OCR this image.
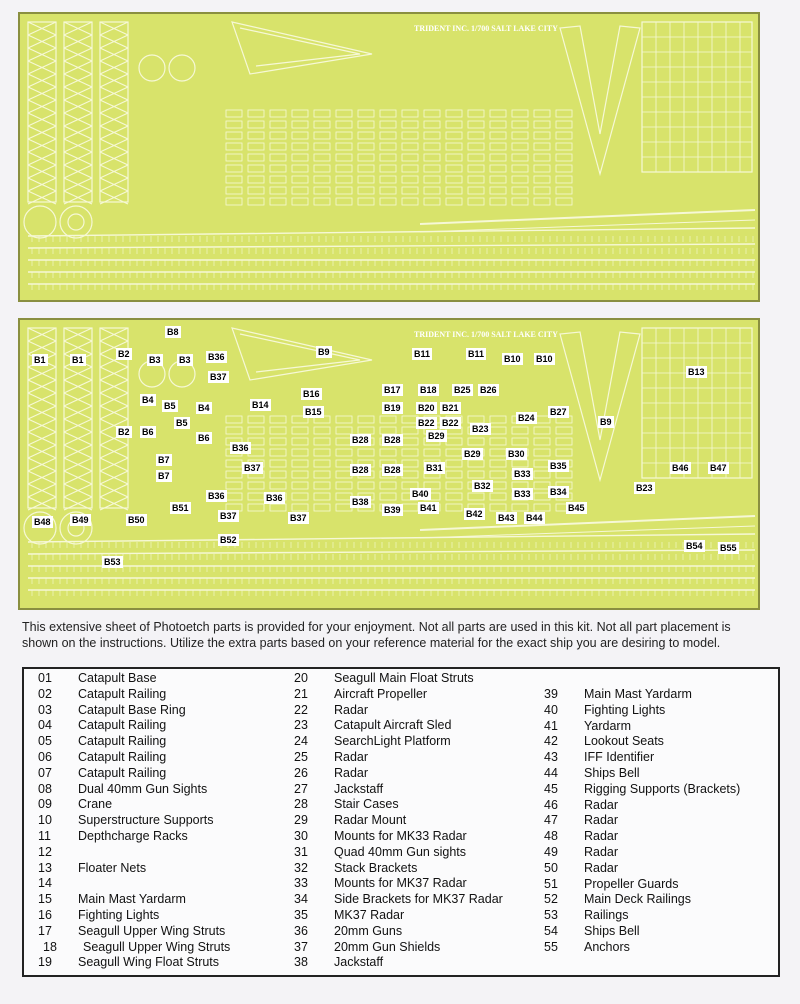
TRIDENT INC. 1/700 SALT LAKE CITY
TRIDENT INC. 1/700 SALT LAKE CITY
B8
B1	B1
B2
B3 B3 B36
B37
B9	B11	B11 B10 B10
B13
B16	B17 B18 B25 B26
B14
B15	B19 B20 B21
B4
B5 B4
B5	B22 B22	B24
B27
B9
B2 B6
B6
B23
B28 B28	B29
B36
B37
B29	B30
B7
B7
B28 B28	B31
B33
B35	B46 B47
B32
B33 B34	B23
B36	B36	B38
B40
B41
B39
B51
B37	B37	B42 B43 B44
B45
B48 B49	B50
B52
B54 B55
B53

This extensive sheet of Photoetch parts is provided for your enjoyment. Not all parts are used in this kit. Not all part placement is shown on the instructions. Utilize the extra parts based on your reference material for the exact ship you are desiring to model.

01	Catapult Base
02	Catapult Railing
03	Catapult Base Ring
04	Catapult Railing
05	Catapult Railing
06	Catapult Railing
07	Catapult Railing
08	Dual 40mm Gun Sights
09	Crane
10	Superstructure Supports
11	Depthcharge Racks
12
13	Floater Nets
14
15	Main Mast Yardarm
16	Fighting Lights
17	Seagull Upper Wing Struts
18	Seagull Upper Wing Struts
19	Seagull Wing Float Struts
20	Seagull Main Float Struts
21	Aircraft Propeller
22	Radar
23	Catapult Aircraft Sled
24	SearchLight Platform
25	Radar
26	Radar
27	Jackstaff
28	Stair Cases
29	Radar Mount
30	Mounts for MK33 Radar
31	Quad 40mm Gun sights
32	Stack Brackets
33	Mounts for MK37 Radar
34	Side Brackets for MK37 Radar
35	MK37 Radar
36	20mm Guns
37	20mm Gun Shields
38	Jackstaff
39	Main Mast Yardarm
40	Fighting Lights
41	Yardarm
42	Lookout Seats
43	IFF Identifier
44	Ships Bell
45	Rigging Supports (Brackets)
46	Radar
47	Radar
48	Radar
49	Radar
50	Radar
51	Propeller Guards
52	Main Deck Railings
53	Railings
54	Ships Bell
55	Anchors
